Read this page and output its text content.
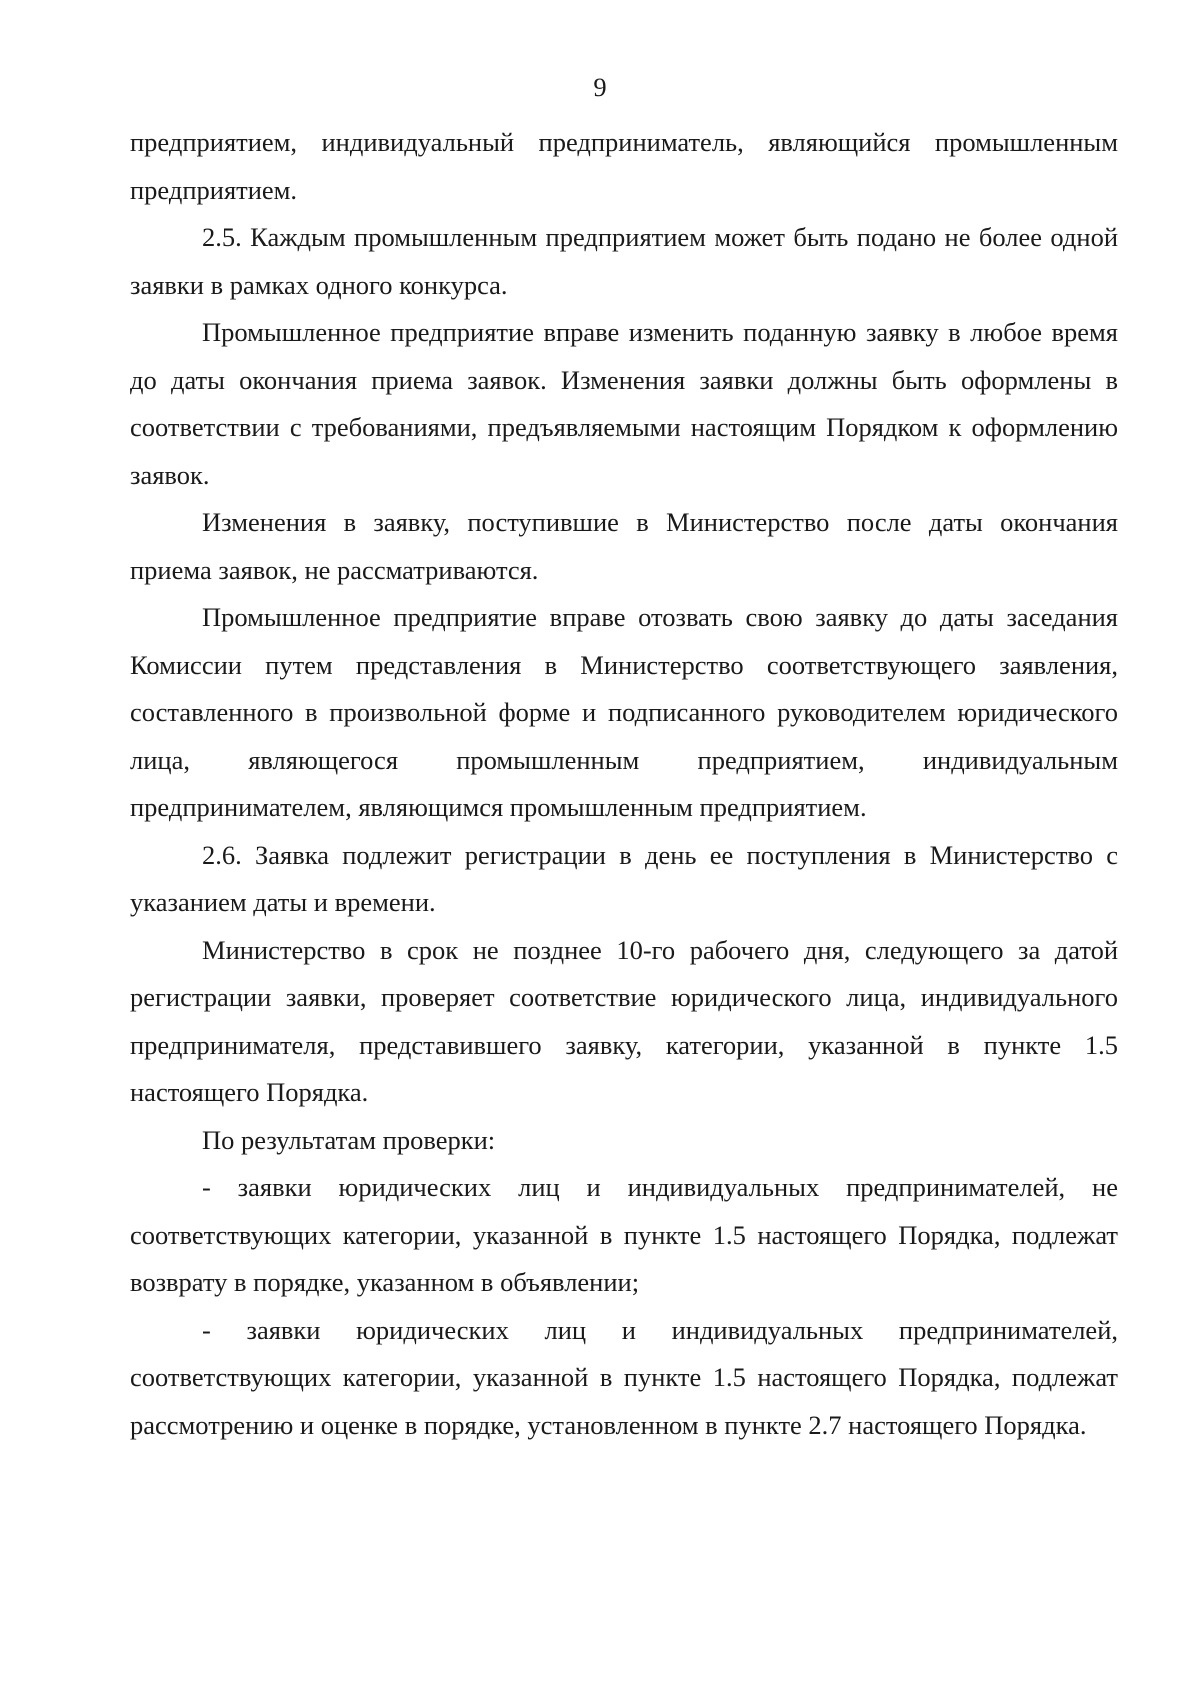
9

предприятием, индивидуальный предприниматель, являющийся промышленным предприятием.

2.5. Каждым промышленным предприятием может быть подано не более одной заявки в рамках одного конкурса.

Промышленное предприятие вправе изменить поданную заявку в любое время до даты окончания приема заявок. Изменения заявки должны быть оформлены в соответствии с требованиями, предъявляемыми настоящим Порядком к оформлению заявок.

Изменения в заявку, поступившие в Министерство после даты окончания приема заявок, не рассматриваются.

Промышленное предприятие вправе отозвать свою заявку до даты заседания Комиссии путем представления в Министерство соответствующего заявления, составленного в произвольной форме и подписанного руководителем юридического лица, являющегося промышленным предприятием, индивидуальным предпринимателем, являющимся промышленным предприятием.

2.6. Заявка подлежит регистрации в день ее поступления в Министерство с указанием даты и времени.

Министерство в срок не позднее 10-го рабочего дня, следующего за датой регистрации заявки, проверяет соответствие юридического лица, индивидуального предпринимателя, представившего заявку, категории, указанной в пункте 1.5 настоящего Порядка.

По результатам проверки:

- заявки юридических лиц и индивидуальных предпринимателей, не соответствующих категории, указанной в пункте 1.5 настоящего Порядка, подлежат возврату в порядке, указанном в объявлении;

- заявки юридических лиц и индивидуальных предпринимателей, соответствующих категории, указанной в пункте 1.5 настоящего Порядка, подлежат рассмотрению и оценке в порядке, установленном в пункте 2.7 настоящего Порядка.
